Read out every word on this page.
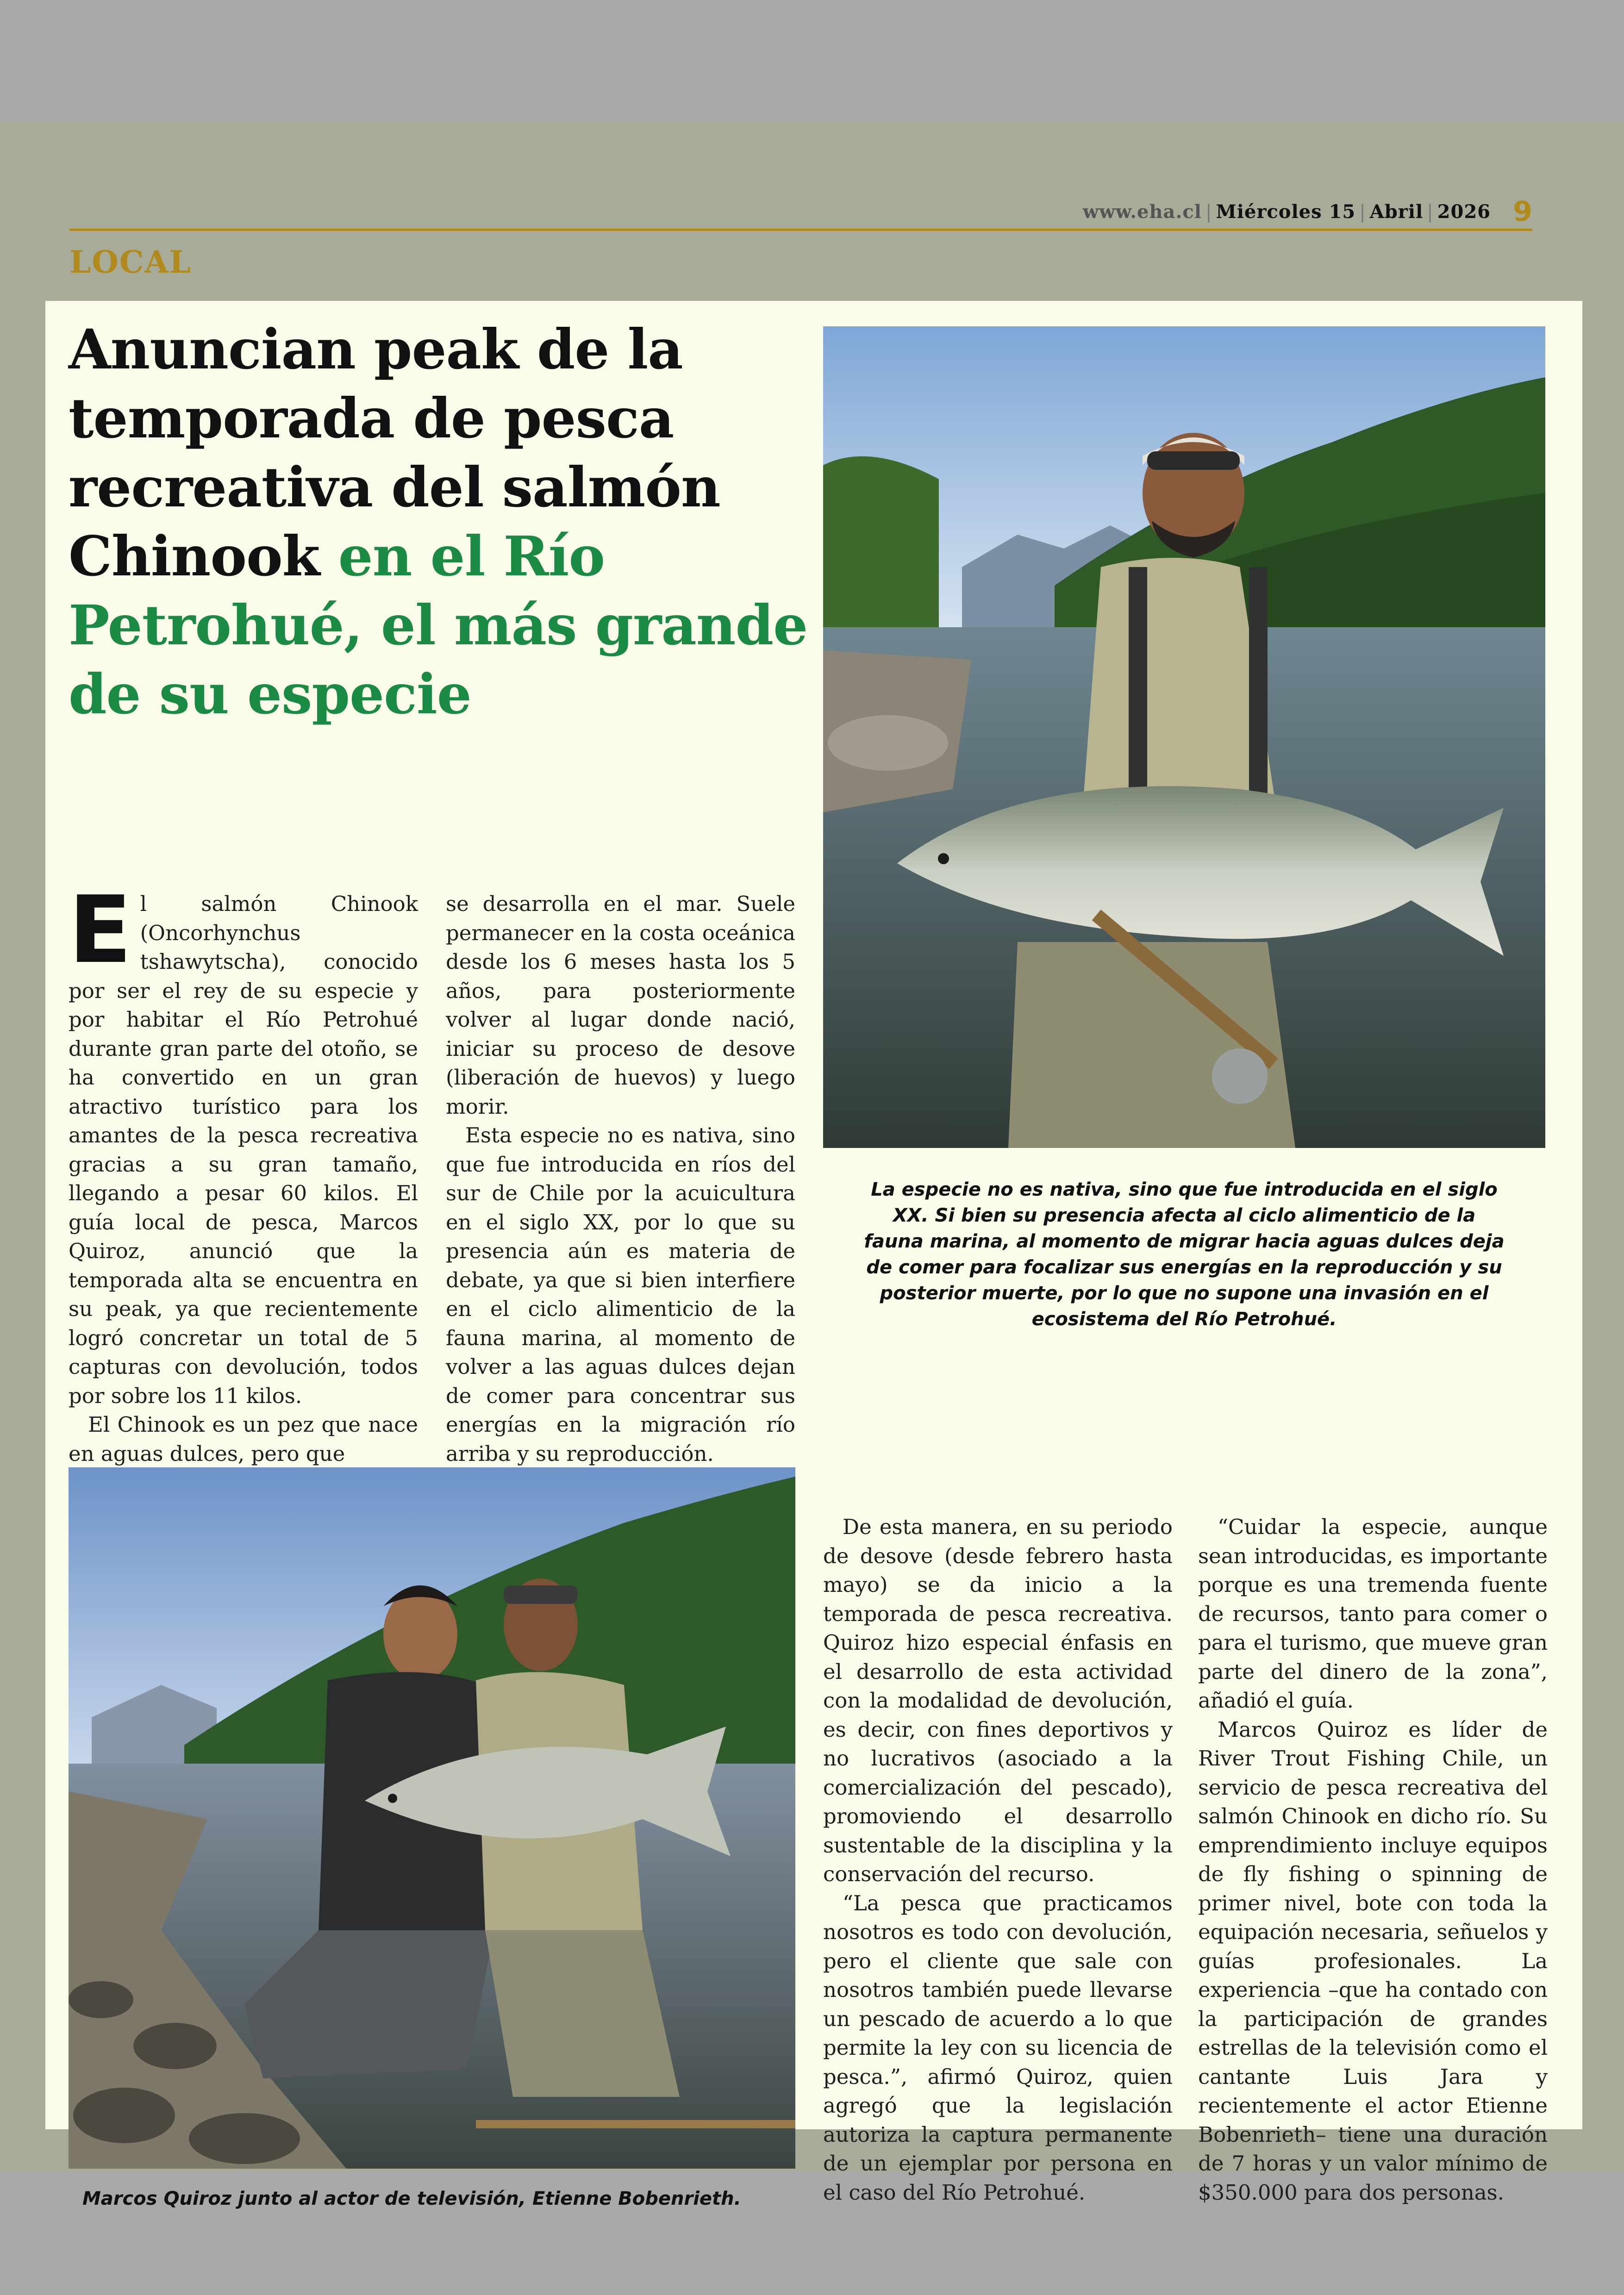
www.eha.cl | Miércoles 15 | Abril | 2026 9
LOCAL
Anuncian peak de la temporada de pesca recreativa del salmón Chinook en el Río Petrohué, el más grande de su especie
La especie no es nativa, sino que fue introducida en el siglo XX. Si bien su presencia afecta al ciclo alimenticio de la fauna marina, al momento de migrar hacia aguas dulces deja de comer para focalizar sus energías en la reproducción y su posterior muerte, por lo que no supone una invasión en el ecosistema del Río Petrohué.
Marcos Quiroz junto al actor de televisión, Etienne Bobenrieth.

El salmón Chinook (Oncorhynchus tshawytscha), conocido por ser el rey de su especie y por habitar el Río Petrohué durante gran parte del otoño, se ha convertido en un gran atractivo turístico para los amantes de la pesca recreativa gracias a su gran tamaño, llegando a pesar 60 kilos. El guía local de pesca, Marcos Quiroz, anunció que la temporada alta se encuentra en su peak, ya que recientemente logró concretar un total de 5 capturas con devolución, todos por sobre los 11 kilos.

El Chinook es un pez que nace en aguas dulces, pero que

se desarrolla en el mar. Suele permanecer en la costa oceánica desde los 6 meses hasta los 5 años, para posteriormente volver al lugar donde nació, iniciar su proceso de desove (liberación de huevos) y luego morir.

Esta especie no es nativa, sino que fue introducida en ríos del sur de Chile por la acuicultura en el siglo XX, por lo que su presencia aún es materia de debate, ya que si bien interfiere en el ciclo alimenticio de la fauna marina, al momento de volver a las aguas dulces dejan de comer para concentrar sus energías en la migración río arriba y su reproducción.

De esta manera, en su periodo de desove (desde febrero hasta mayo) se da inicio a la temporada de pesca recreativa. Quiroz hizo especial énfasis en el desarrollo de esta actividad con la modalidad de devolución, es decir, con fines deportivos y no lucrativos (asociado a la comercialización del pescado), promoviendo el desarrollo sustentable de la disciplina y la conservación del recurso.

“La pesca que practicamos nosotros es todo con devolución, pero el cliente que sale con nosotros también puede llevarse un pescado de acuerdo a lo que permite la ley con su licencia de pesca.”, afirmó Quiroz, quien agregó que la legislación autoriza la captura permanente de un ejemplar por persona en el caso del Río Petrohué.

“Cuidar la especie, aunque sean introducidas, es importante porque es una tremenda fuente de recursos, tanto para comer o para el turismo, que mueve gran parte del dinero de la zona”, añadió el guía.

Marcos Quiroz es líder de River Trout Fishing Chile, un servicio de pesca recreativa del salmón Chinook en dicho río. Su emprendimiento incluye equipos de fly fishing o spinning de primer nivel, bote con toda la equipación necesaria, señuelos y guías profesionales. La experiencia –que ha contado con la participación de grandes estrellas de la televisión como el cantante Luis Jara y recientemente el actor Etienne Bobenrieth– tiene una duración de 7 horas y un valor mínimo de $350.000 para dos personas.
